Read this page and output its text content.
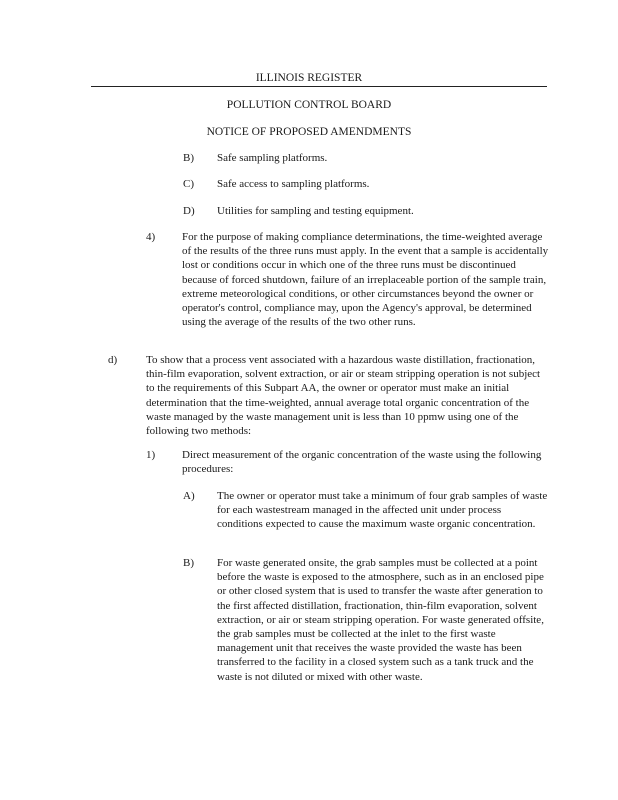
ILLINOIS REGISTER
POLLUTION CONTROL BOARD
NOTICE OF PROPOSED AMENDMENTS
B) Safe sampling platforms.
C) Safe access to sampling platforms.
D) Utilities for sampling and testing equipment.
4) For the purpose of making compliance determinations, the time-weighted average of the results of the three runs must apply. In the event that a sample is accidentally lost or conditions occur in which one of the three runs must be discontinued because of forced shutdown, failure of an irreplaceable portion of the sample train, extreme meteorological conditions, or other circumstances beyond the owner or operator's control, compliance may, upon the Agency's approval, be determined using the average of the results of the two other runs.
d)	To show that a process vent associated with a hazardous waste distillation, fractionation, thin-film evaporation, solvent extraction, or air or steam stripping operation is not subject to the requirements of this Subpart AA, the owner or operator must make an initial determination that the time-weighted, annual average total organic concentration of the waste managed by the waste management unit is less than 10 ppmw using one of the following two methods:
1) Direct measurement of the organic concentration of the waste using the following procedures:
A) The owner or operator must take a minimum of four grab samples of waste for each wastestream managed in the affected unit under process conditions expected to cause the maximum waste organic concentration.
B) For waste generated onsite, the grab samples must be collected at a point before the waste is exposed to the atmosphere, such as in an enclosed pipe or other closed system that is used to transfer the waste after generation to the first affected distillation, fractionation, thin-film evaporation, solvent extraction, or air or steam stripping operation. For waste generated offsite, the grab samples must be collected at the inlet to the first waste management unit that receives the waste provided the waste has been transferred to the facility in a closed system such as a tank truck and the waste is not diluted or mixed with other waste.
